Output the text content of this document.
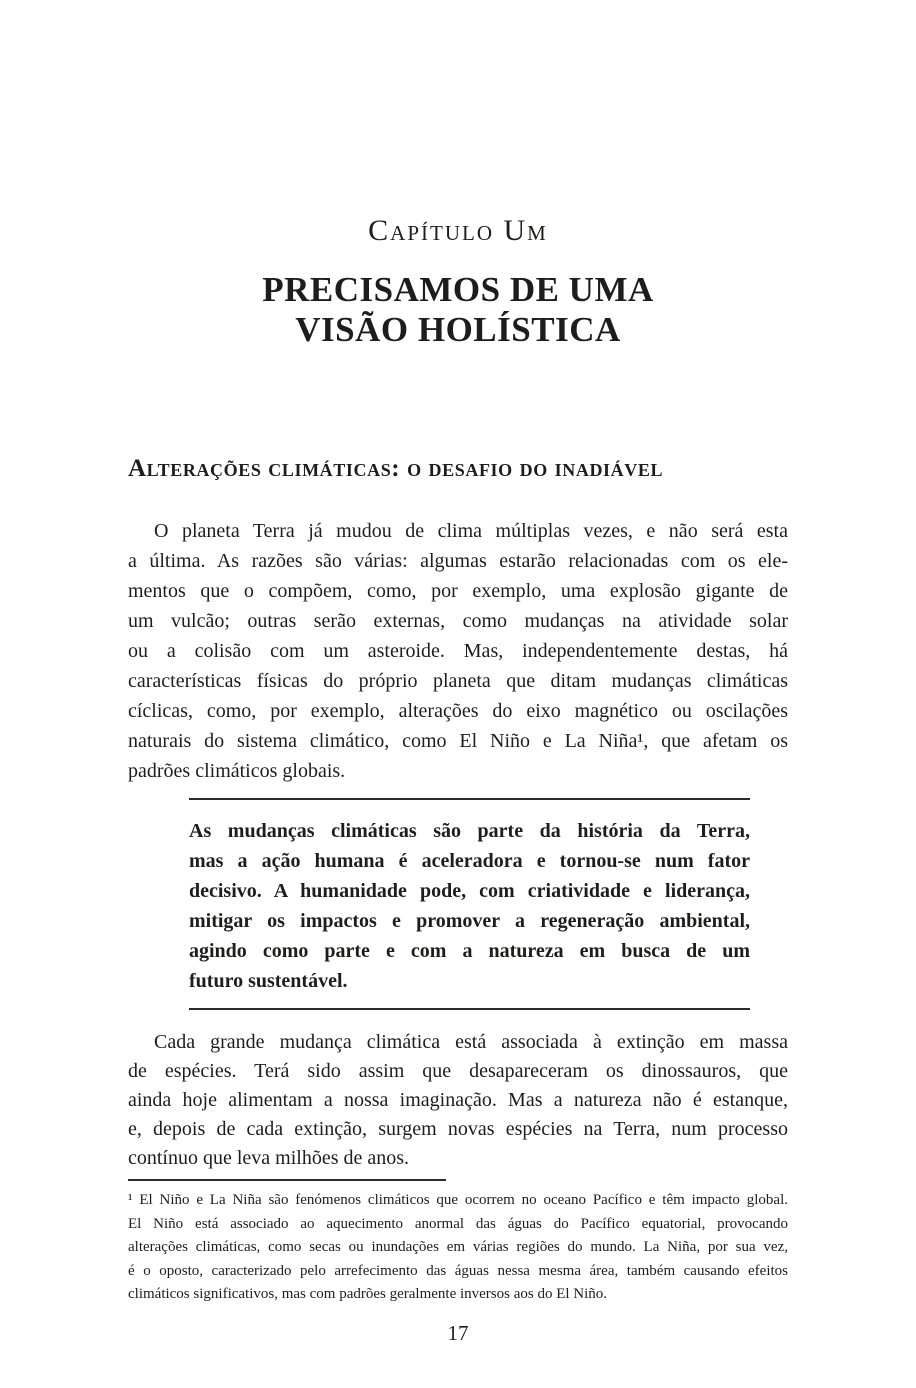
Capítulo Um
PRECISAMOS DE UMA
VISÃO HOLÍSTICA
Alterações climáticas: o desafio do inadiável
O planeta Terra já mudou de clima múltiplas vezes, e não será esta
a última. As razões são várias: algumas estarão relacionadas com os ele-
mentos que o compõem, como, por exemplo, uma explosão gigante de
um vulcão; outras serão externas, como mudanças na atividade solar
ou a colisão com um asteroide. Mas, independentemente destas, há
características físicas do próprio planeta que ditam mudanças climáticas
cíclicas, como, por exemplo, alterações do eixo magnético ou oscilações
naturais do sistema climático, como El Niño e La Niña¹, que afetam os
padrões climáticos globais.
As mudanças climáticas são parte da história da Terra,
mas a ação humana é aceleradora e tornou-se num fator
decisivo. A humanidade pode, com criatividade e liderança,
mitigar os impactos e promover a regeneração ambiental,
agindo como parte e com a natureza em busca de um
futuro sustentável.
Cada grande mudança climática está associada à extinção em massa
de espécies. Terá sido assim que desapareceram os dinossauros, que
ainda hoje alimentam a nossa imaginação. Mas a natureza não é estanque,
e, depois de cada extinção, surgem novas espécies na Terra, num processo
contínuo que leva milhões de anos.
¹ El Niño e La Niña são fenómenos climáticos que ocorrem no oceano Pacífico e têm impacto global.
El Niño está associado ao aquecimento anormal das águas do Pacífico equatorial, provocando
alterações climáticas, como secas ou inundações em várias regiões do mundo. La Niña, por sua vez,
é o oposto, caracterizado pelo arrefecimento das águas nessa mesma área, também causando efeitos
climáticos significativos, mas com padrões geralmente inversos aos do El Niño.
17
